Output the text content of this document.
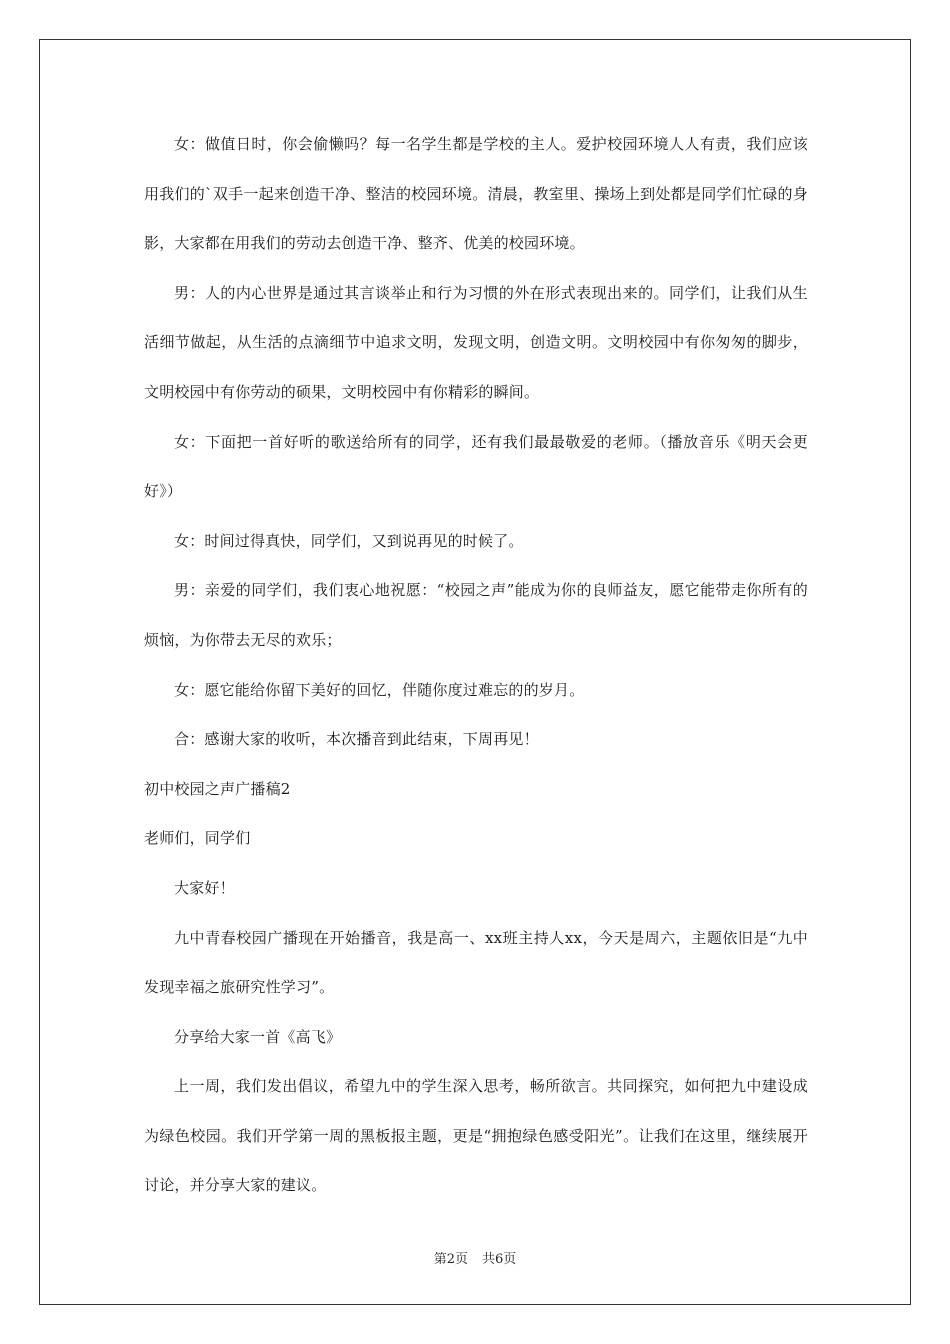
女：做值日时，你会偷懒吗？每一名学生都是学校的主人。爱护校园环境人人有责，我们应该用我们的`双手一起来创造干净、整洁的校园环境。清晨，教室里、操场上到处都是同学们忙碌的身影，大家都在用我们的劳动去创造干净、整齐、优美的校园环境。

男：人的内心世界是通过其言谈举止和行为习惯的外在形式表现出来的。同学们，让我们从生活细节做起，从生活的点滴细节中追求文明，发现文明，创造文明。文明校园中有你匆匆的脚步，文明校园中有你劳动的硕果，文明校园中有你精彩的瞬间。

女：下面把一首好听的歌送给所有的同学，还有我们最最敬爱的老师。（播放音乐《明天会更好》）

女：时间过得真快，同学们，又到说再见的时候了。

男：亲爱的同学们，我们衷心地祝愿：“校园之声”能成为你的良师益友，愿它能带走你所有的烦恼，为你带去无尽的欢乐；

女：愿它能给你留下美好的回忆，伴随你度过难忘的的岁月。

合：感谢大家的收听，本次播音到此结束，下周再见！

初中校园之声广播稿2

老师们，同学们

大家好！

九中青春校园广播现在开始播音，我是高一、xx班主持人xx，今天是周六，主题依旧是“九中发现幸福之旅研究性学习”。

分享给大家一首《高飞》

上一周，我们发出倡议，希望九中的学生深入思考，畅所欲言。共同探究，如何把九中建设成为绿色校园。我们开学第一周的黑板报主题，更是“拥抱绿色感受阳光”。让我们在这里，继续展开讨论，并分享大家的建议。

第2页 共6页
